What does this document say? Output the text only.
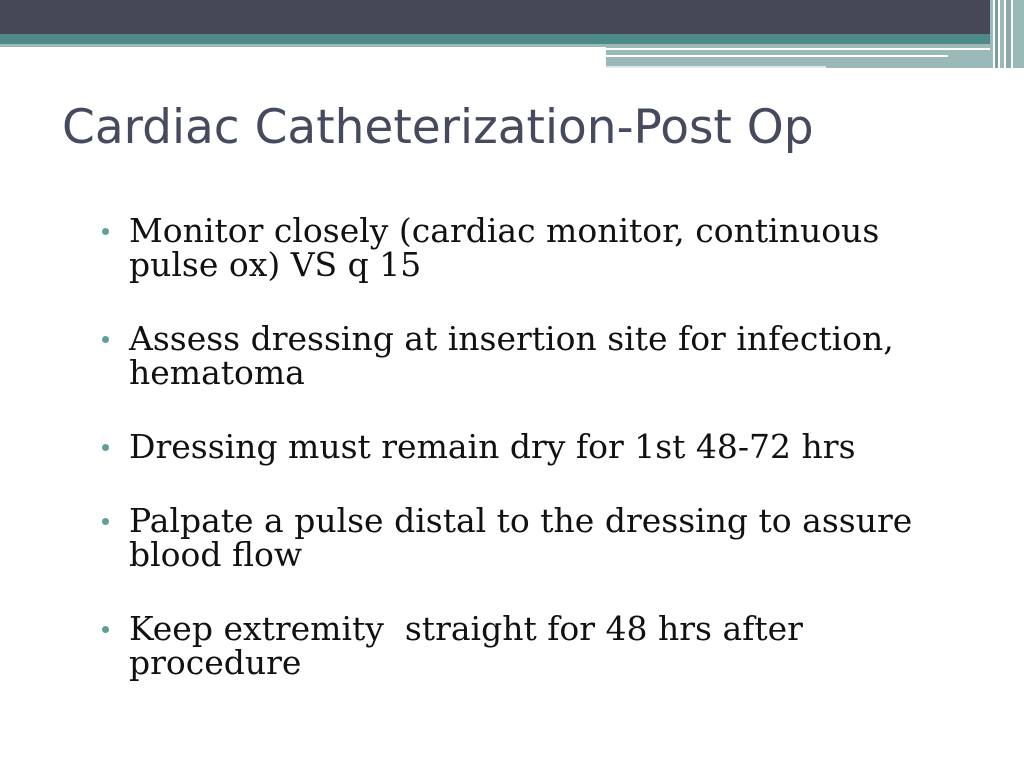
Cardiac Catheterization-Post Op
Monitor closely (cardiac monitor, continuous pulse ox) VS q 15
Assess dressing at insertion site for infection, hematoma
Dressing must remain dry for 1st 48-72 hrs
Palpate a pulse distal to the dressing to assure blood flow
Keep extremity  straight for 48 hrs after procedure
